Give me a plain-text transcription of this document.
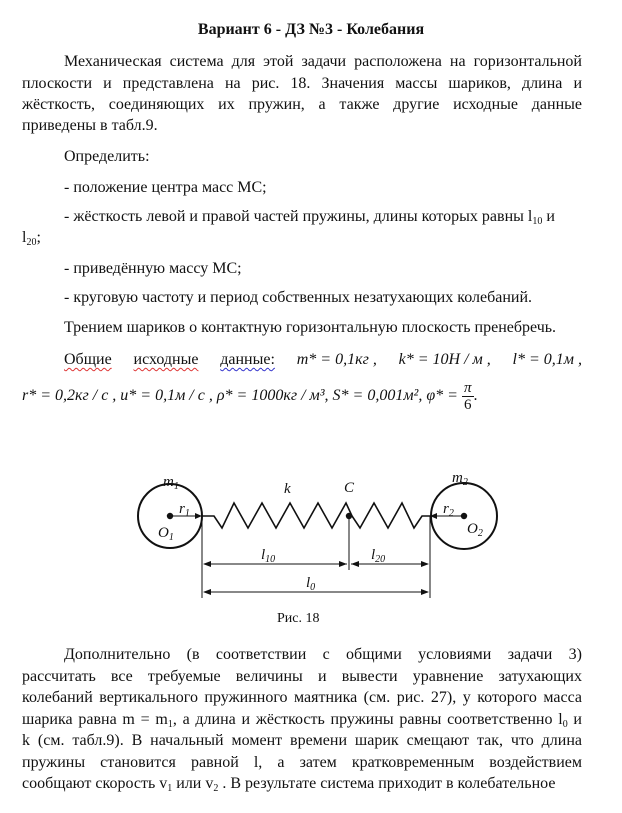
Вариант 6 - ДЗ №3 - Колебания
Механическая система для этой задачи расположена на горизонтальной
плоскости и представлена на рис. 18. Значения массы шариков, длина и
жёсткость, соединяющих их пружин, а также другие исходные данные
приведены в табл.9.
Определить:
- положение центра масс МС;
- жёсткость левой и правой частей пружины, длины которых равны $l_{10}$ и
$l_{20}$;
- приведённую массу МС;
- круговую частоту и период собственных незатухающих колебаний.
Трением шариков о контактную горизонтальную плоскость пренебречь.
Общие исходные данные: m* = 0,1кг , k* = 10Н / м , l* = 0,1м ,
r* = 0,2кг / с , u* = 0,1м / с , ρ* = 1000кг / м³, S* = 0,001м², $\varphi* = \frac{\pi}{6}$ .
$m_1$
$m_2$
$r_1$	$r_2$
$O_1$
$O_2$
k	C
$l_{10}$	$l_{20}$
$l_0$
Рис. 18
Дополнительно (в соответствии с общими условиями задачи 3)
рассчитать все требуемые величины и вывести уравнение затухающих
колебаний вертикального пружинного маятника (см. рис. 27), у которого масса
шарика равна $m = m_1$, а длина и жёсткость пружины равны соответственно $l_0$ и
k (см. табл.9). В начальный момент времени шарик смещают так, что длина
пружины становится равной l, а затем кратковременным воздействием
сообщают скорость $v_1$ или $v_2$ . В результате система приходит в колебательное
